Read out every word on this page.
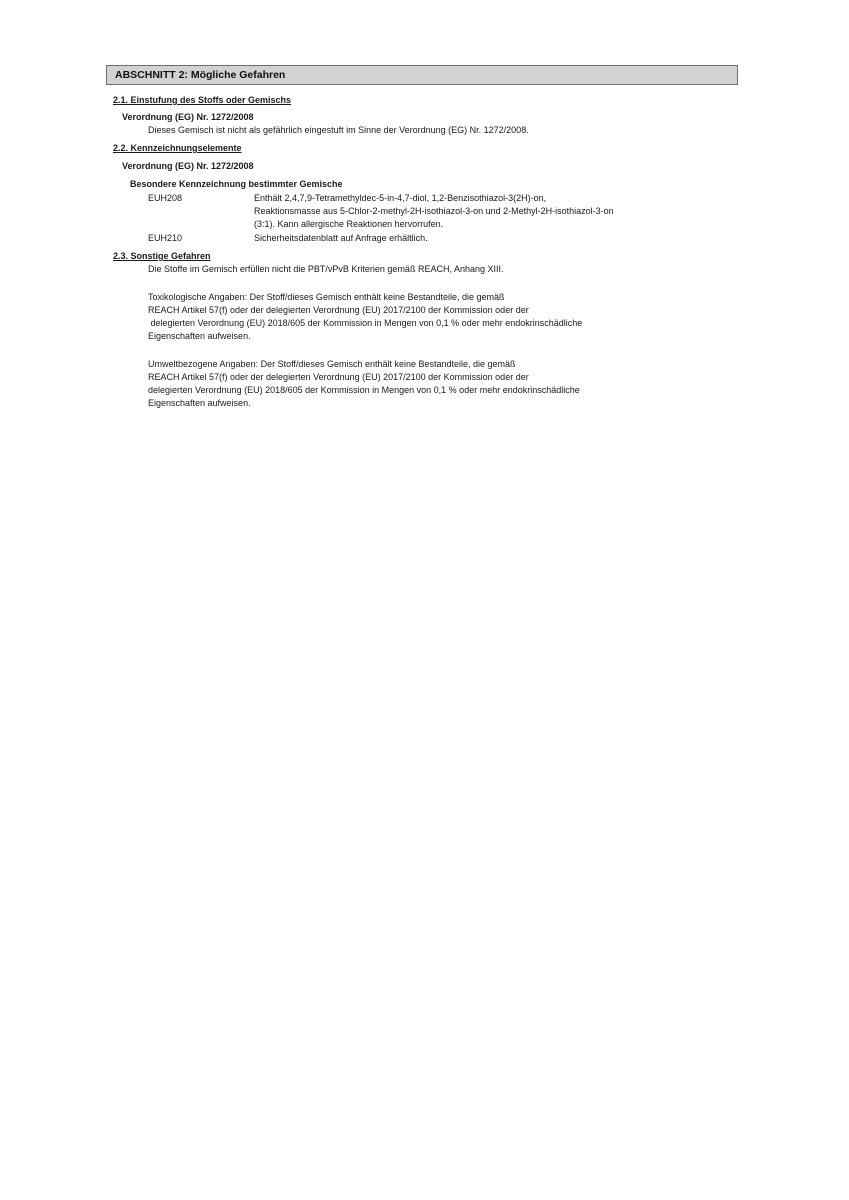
ABSCHNITT 2: Mögliche Gefahren
2.1. Einstufung des Stoffs oder Gemischs
Verordnung (EG) Nr. 1272/2008
Dieses Gemisch ist nicht als gefährlich eingestuft im Sinne der Verordnung (EG) Nr. 1272/2008.
2.2. Kennzeichnungselemente
Verordnung (EG) Nr. 1272/2008
Besondere Kennzeichnung bestimmter Gemische
EUH208	Enthält 2,4,7,9-Tetramethyldec-5-in-4,7-diol, 1,2-Benzisothiazol-3(2H)-on,
Reaktionsmasse aus 5-Chlor-2-methyl-2H-isothiazol-3-on und 2-Methyl-2H-isothiazol-3-on
(3:1). Kann allergische Reaktionen hervorrufen.
EUH210	Sicherheitsdatenblatt auf Anfrage erhältlich.
2.3. Sonstige Gefahren
Die Stoffe im Gemisch erfüllen nicht die PBT/vPvB Kriterien gemäß REACH, Anhang XIII.
Toxikologische Angaben: Der Stoff/dieses Gemisch enthält keine Bestandteile, die gemäß
REACH Artikel 57(f) oder der delegierten Verordnung (EU) 2017/2100 der Kommission oder der
delegierten Verordnung (EU) 2018/605 der Kommission in Mengen von 0,1 % oder mehr endokrinschädliche
Eigenschaften aufweisen.
Umweltbezogene Angaben: Der Stoff/dieses Gemisch enthält keine Bestandteile, die gemäß
REACH Artikel 57(f) oder der delegierten Verordnung (EU) 2017/2100 der Kommission oder der
delegierten Verordnung (EU) 2018/605 der Kommission in Mengen von 0,1 % oder mehr endokrinschädliche
Eigenschaften aufweisen.
